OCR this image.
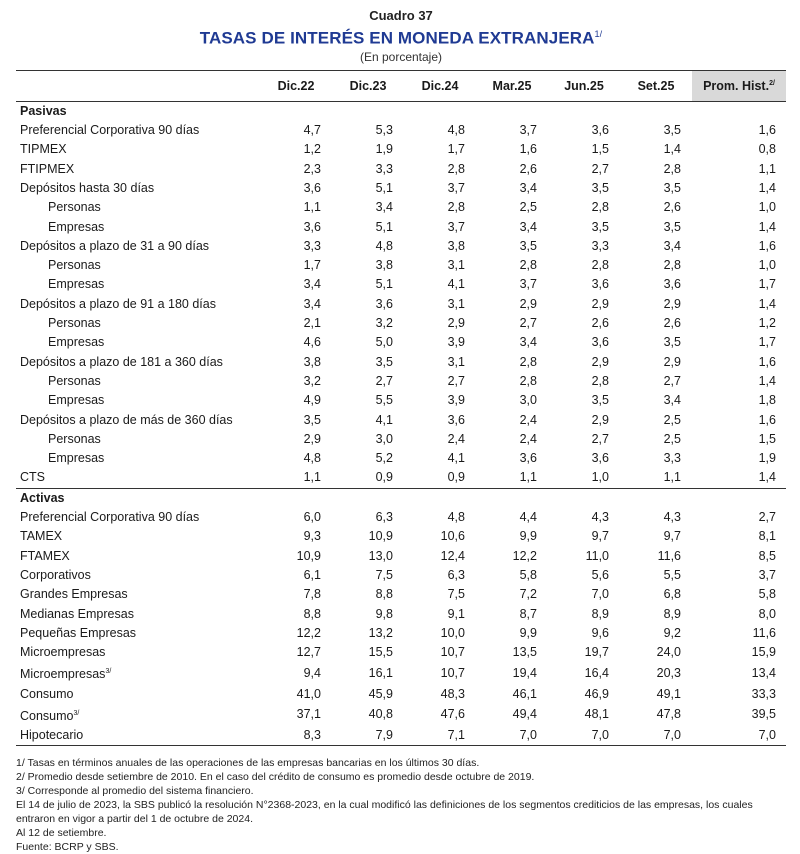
Cuadro 37
TASAS DE INTERÉS EN MONEDA $EXTRANJERA^{1/}$
(En porcentaje)
	Dic.22	Dic.23	Dic.24	Mar.25	Jun.25	Set.25	Prom. Hist.$^{2/}$
Pasivas							
Preferencial Corporativa 90 días	4,7	5,3	4,8	3,7	3,6	3,5	1,6
TIPMEX	1,2	1,9	1,7	1,6	1,5	1,4	0,8
FTIPMEX	2,3	3,3	2,8	2,6	2,7	2,8	1,1
Depósitos hasta 30 días	3,6	5,1	3,7	3,4	3,5	3,5	1,4
Personas	1,1	3,4	2,8	2,5	2,8	2,6	1,0
Empresas	3,6	5,1	3,7	3,4	3,5	3,5	1,4
Depósitos a plazo de 31 a 90 días	3,3	4,8	3,8	3,5	3,3	3,4	1,6
Personas	1,7	3,8	3,1	2,8	2,8	2,8	1,0
Empresas	3,4	5,1	4,1	3,7	3,6	3,6	1,7
Depósitos a plazo de 91 a 180 días	3,4	3,6	3,1	2,9	2,9	2,9	1,4
Personas	2,1	3,2	2,9	2,7	2,6	2,6	1,2
Empresas	4,6	5,0	3,9	3,4	3,6	3,5	1,7
Depósitos a plazo de 181 a 360 días	3,8	3,5	3,1	2,8	2,9	2,9	1,6
Personas	3,2	2,7	2,7	2,8	2,8	2,7	1,4
Empresas	4,9	5,5	3,9	3,0	3,5	3,4	1,8
Depósitos a plazo de más de 360 días	3,5	4,1	3,6	2,4	2,9	2,5	1,6
Personas	2,9	3,0	2,4	2,4	2,7	2,5	1,5
Empresas	4,8	5,2	4,1	3,6	3,6	3,3	1,9
CTS	1,1	0,9	0,9	1,1	1,0	1,1	1,4
Activas							
Preferencial Corporativa 90 días	6,0	6,3	4,8	4,4	4,3	4,3	2,7
TAMEX	9,3	10,9	10,6	9,9	9,7	9,7	8,1
FTAMEX	10,9	13,0	12,4	12,2	11,0	11,6	8,5
Corporativos	6,1	7,5	6,3	5,8	5,6	5,5	3,7
Grandes Empresas	7,8	8,8	7,5	7,2	7,0	6,8	5,8
Medianas Empresas	8,8	9,8	9,1	8,7	8,9	8,9	8,0
Pequeñas Empresas	12,2	13,2	10,0	9,9	9,6	9,2	11,6
Microempresas	12,7	15,5	10,7	13,5	19,7	24,0	15,9
Microempresas$^{3/}$	9,4	16,1	10,7	19,4	16,4	20,3	13,4
Consumo	41,0	45,9	48,3	46,1	46,9	49,1	33,3
Consumo$^{3/}$	37,1	40,8	47,6	49,4	48,1	47,8	39,5
Hipotecario	8,3	7,9	7,1	7,0	7,0	7,0	7,0
1/ Tasas en términos anuales de las operaciones de las empresas bancarias en los últimos 30 días.
2/ Promedio desde setiembre de 2010. En el caso del crédito de consumo es promedio desde octubre de 2019.
3/ Corresponde al promedio del sistema financiero.
El 14 de julio de 2023, la SBS publicó la resolución N°2368-2023, en la cual modificó las definiciones de los segmentos crediticios de las empresas, los cuales entraron en vigor a partir del 1 de octubre de 2024.
Al 12 de setiembre.
Fuente: BCRP y SBS.
